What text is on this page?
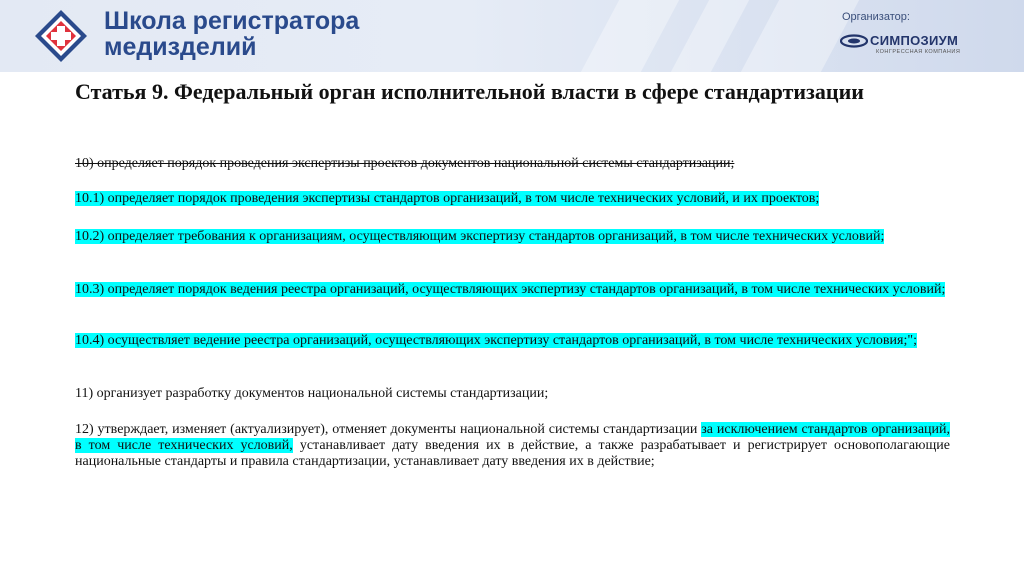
Школа регистратора
медизделий
Организатор:
СИМПОЗИУМ
КОНГРЕССНАЯ КОМПАНИЯ
Статья 9. Федеральный орган исполнительной власти в сфере стандартизации

10) определяет порядок проведения экспертизы проектов документов национальной системы стандартизации;

10.1) определяет порядок проведения экспертизы стандартов организаций, в том числе технических условий, и их проектов;

10.2) определяет требования к организациям, осуществляющим экспертизу стандартов организаций, в том числе технических условий;

10.3) определяет порядок ведения реестра организаций, осуществляющих экспертизу стандартов организаций, в том числе технических условий;

10.4) осуществляет ведение реестра организаций, осуществляющих экспертизу стандартов организаций, в том числе технических условия;";

11) организует разработку документов национальной системы стандартизации;

12) утверждает, изменяет (актуализирует), отменяет документы национальной системы стандартизации за исключением стандартов организаций, в том числе технических условий, устанавливает дату введения их в действие, а также разрабатывает и регистрирует основополагающие национальные стандарты и правила стандартизации, устанавливает дату введения их в действие;
